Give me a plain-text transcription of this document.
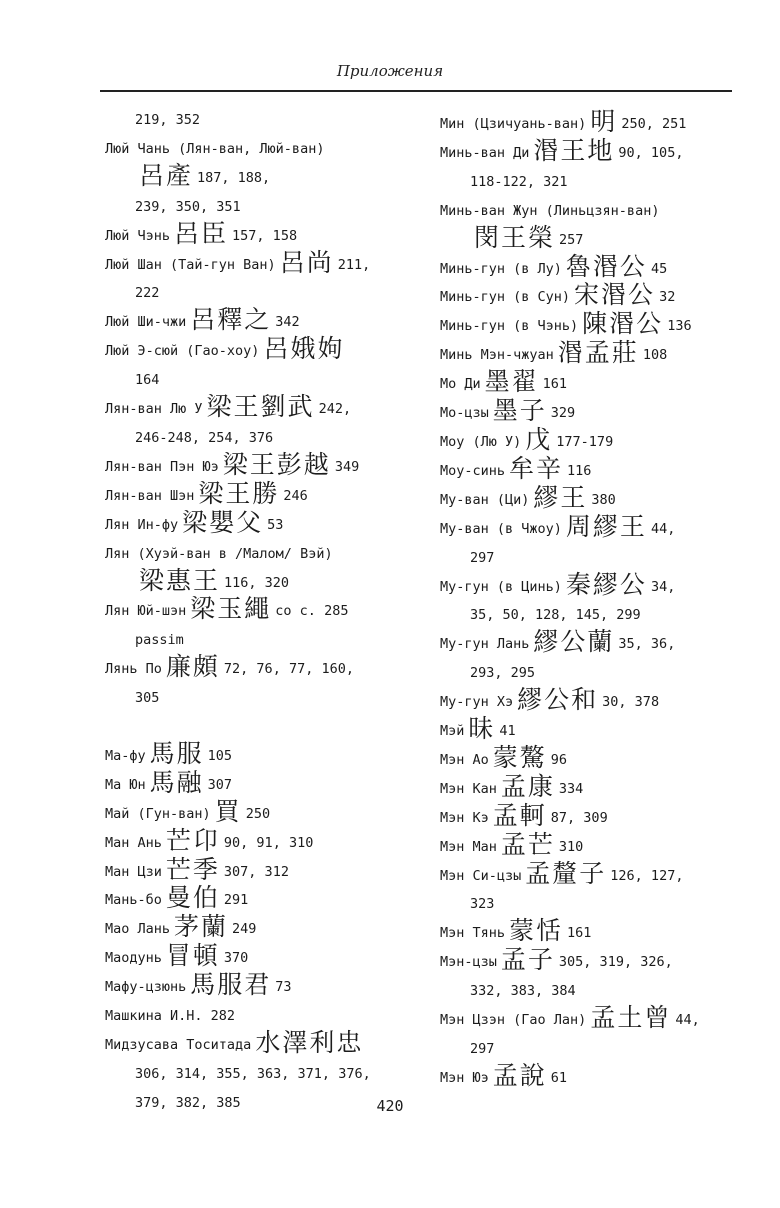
Приложения
219, 352
Люй Чань (Лян-ван, Люй-ван)
呂產 187, 188,
239, 350, 351
Люй Чэнь 呂臣 157, 158
Люй Шан (Тай-гун Ван) 呂尚 211,
222
Люй Ши-чжи 呂釋之 342
Люй Э-сюй (Гао-хоу) 呂娥姁
164
Лян-ван Лю У 梁王劉武 242,
246-248, 254, 376
Лян-ван Пэн Юэ 梁王彭越 349
Лян-ван Шэн 梁王勝 246
Лян Ин-фу 梁嬰父 53
Лян (Хуэй-ван в /Малом/ Вэй)
梁惠王 116, 320
Лян Юй-шэн 梁玉繩 со с. 285
passim
Лянь По 廉頗 72, 76, 77, 160,
305
Ма-фу 馬服 105
Ма Юн 馬融 307
Май (Гун-ван) 買 250
Ман Ань 芒卬 90, 91, 310
Ман Цзи 芒季 307, 312
Мань-бо 曼伯 291
Мао Лань 茅蘭 249
Маодунь 冒頓 370
Мафу-цзюнь 馬服君 73
Машкина И.Н. 282
Мидзусава Toситада 水澤利忠
306, 314, 355, 363, 371, 376,
379, 382, 385
Мин (Цзичуань-ван) 明 250, 251
Минь-ван Ди 湣王地 90, 105,
118-122, 321
Минь-ван Жун (Линьцзян-ван)
閔王榮 257
Минь-гун (в Лу) 魯湣公 45
Минь-гун (в Сун) 宋湣公 32
Минь-гун (в Чэнь) 陳湣公 136
Минь Мэн-чжуан 湣孟莊 108
Мо Ди 墨翟 161
Мо-цзы 墨子 329
Моу (Лю У) 戊 177-179
Моу-синь 牟辛 116
Му-ван (Ци) 繆王 380
Му-ван (в Чжоу) 周繆王 44,
297
Му-гун (в Цинь) 秦繆公 34,
35, 50, 128, 145, 299
Му-гун Лань 繆公蘭 35, 36,
293, 295
Му-гун Хэ 繆公和 30, 378
Мэй 昧 41
Мэн Ао 蒙驁 96
Мэн Кан 孟康 334
Мэн Кэ 孟軻 87, 309
Мэн Ман 孟芒 310
Мэн Си-цзы 孟釐子 126, 127,
323
Мэн Тянь 蒙恬 161
Мэн-цзы 孟子 305, 319, 326,
332, 383, 384
Мэн Цзэн (Гао Лан) 孟土曾 44,
297
Мэн Юэ 孟說 61
420
